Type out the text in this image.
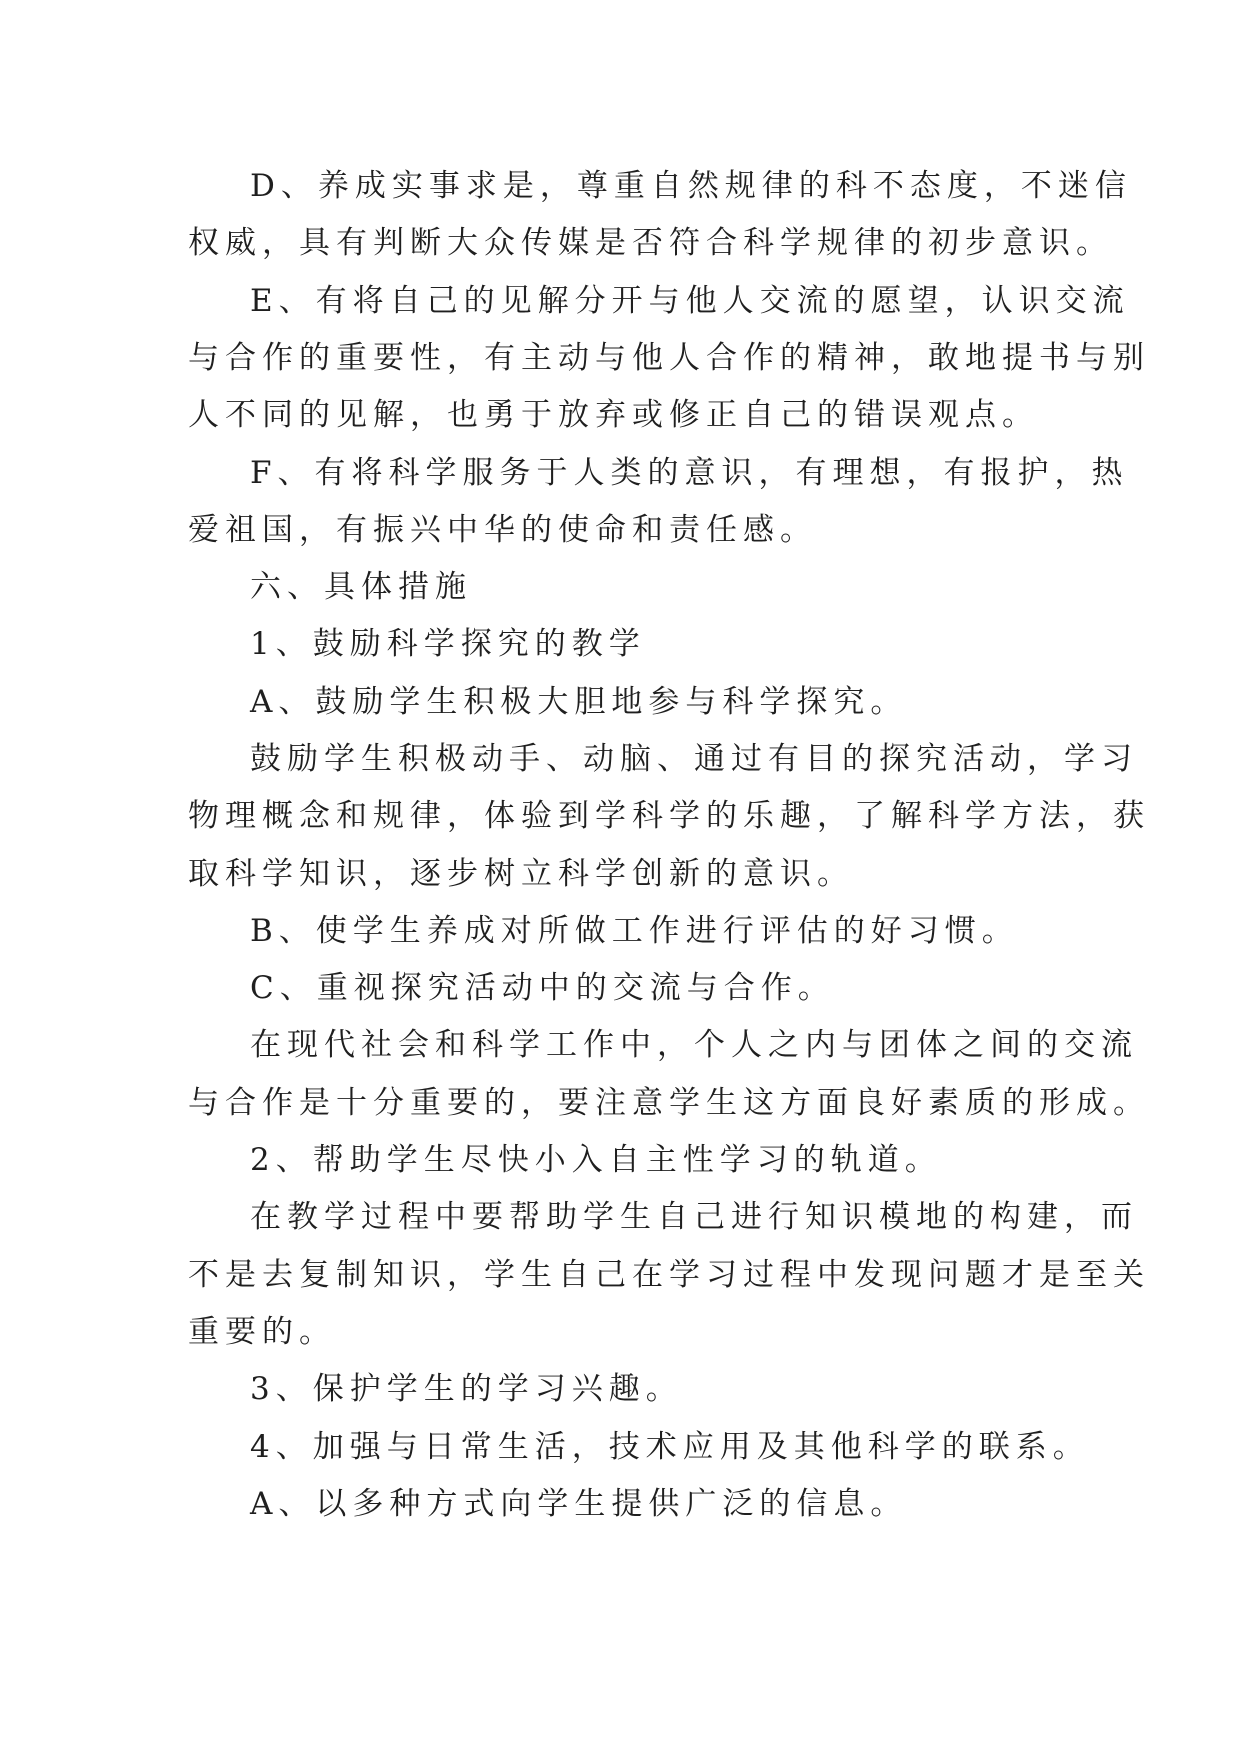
D、养成实事求是，尊重自然规律的科不态度，不迷信
权威，具有判断大众传媒是否符合科学规律的初步意识。
E、有将自己的见解分开与他人交流的愿望，认识交流
与合作的重要性，有主动与他人合作的精神，敢地提书与别
人不同的见解，也勇于放弃或修正自己的错误观点。
F、有将科学服务于人类的意识，有理想，有报护，热
爱祖国，有振兴中华的使命和责任感。
六、具体措施
1、鼓励科学探究的教学
A、鼓励学生积极大胆地参与科学探究。
鼓励学生积极动手、动脑、通过有目的探究活动，学习
物理概念和规律，体验到学科学的乐趣，了解科学方法，获
取科学知识，逐步树立科学创新的意识。
B、使学生养成对所做工作进行评估的好习惯。
C、重视探究活动中的交流与合作。
在现代社会和科学工作中，个人之内与团体之间的交流
与合作是十分重要的，要注意学生这方面良好素质的形成。
2、帮助学生尽快小入自主性学习的轨道。
在教学过程中要帮助学生自己进行知识模地的构建，而
不是去复制知识，学生自己在学习过程中发现问题才是至关
重要的。
3、保护学生的学习兴趣。
4、加强与日常生活，技术应用及其他科学的联系。
A、以多种方式向学生提供广泛的信息。
